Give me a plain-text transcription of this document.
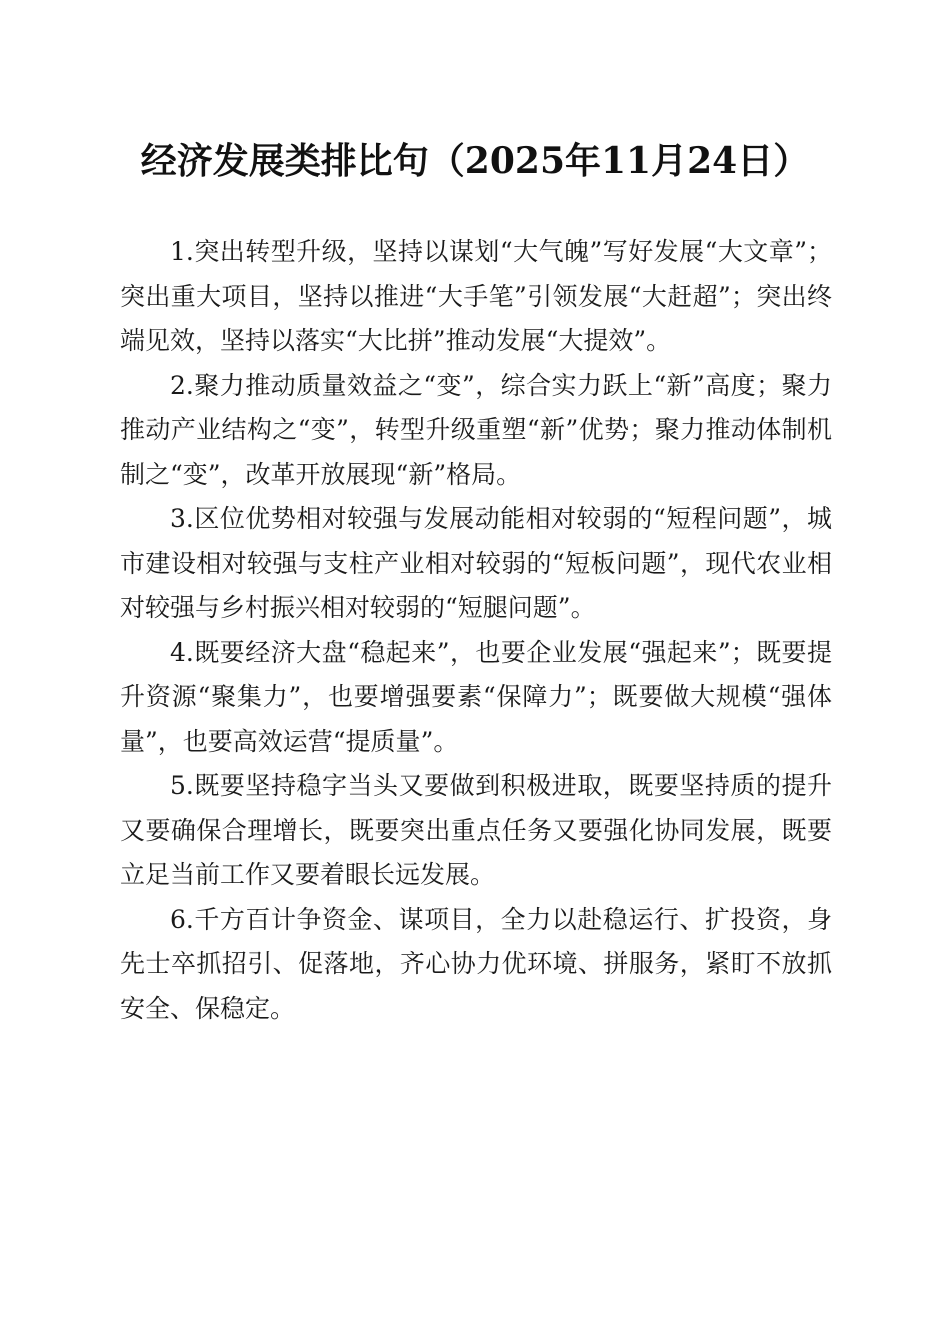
经济发展类排比句（2025年11月24日）

1.突出转型升级，坚持以谋划“大气魄”写好发展“大文章”；突出重大项目，坚持以推进“大手笔”引领发展“大赶超”；突出终端见效，坚持以落实“大比拼”推动发展“大提效”。

2.聚力推动质量效益之“变”，综合实力跃上“新”高度；聚力推动产业结构之“变”，转型升级重塑“新”优势；聚力推动体制机制之“变”，改革开放展现“新”格局。

3.区位优势相对较强与发展动能相对较弱的“短程问题”，城市建设相对较强与支柱产业相对较弱的“短板问题”，现代农业相对较强与乡村振兴相对较弱的“短腿问题”。

4.既要经济大盘“稳起来”，也要企业发展“强起来”；既要提升资源“聚集力”，也要增强要素“保障力”；既要做大规模“强体量”，也要高效运营“提质量”。

5.既要坚持稳字当头又要做到积极进取，既要坚持质的提升又要确保合理增长，既要突出重点任务又要强化协同发展，既要立足当前工作又要着眼长远发展。

6.千方百计争资金、谋项目，全力以赴稳运行、扩投资，身先士卒抓招引、促落地，齐心协力优环境、拼服务，紧盯不放抓安全、保稳定。
